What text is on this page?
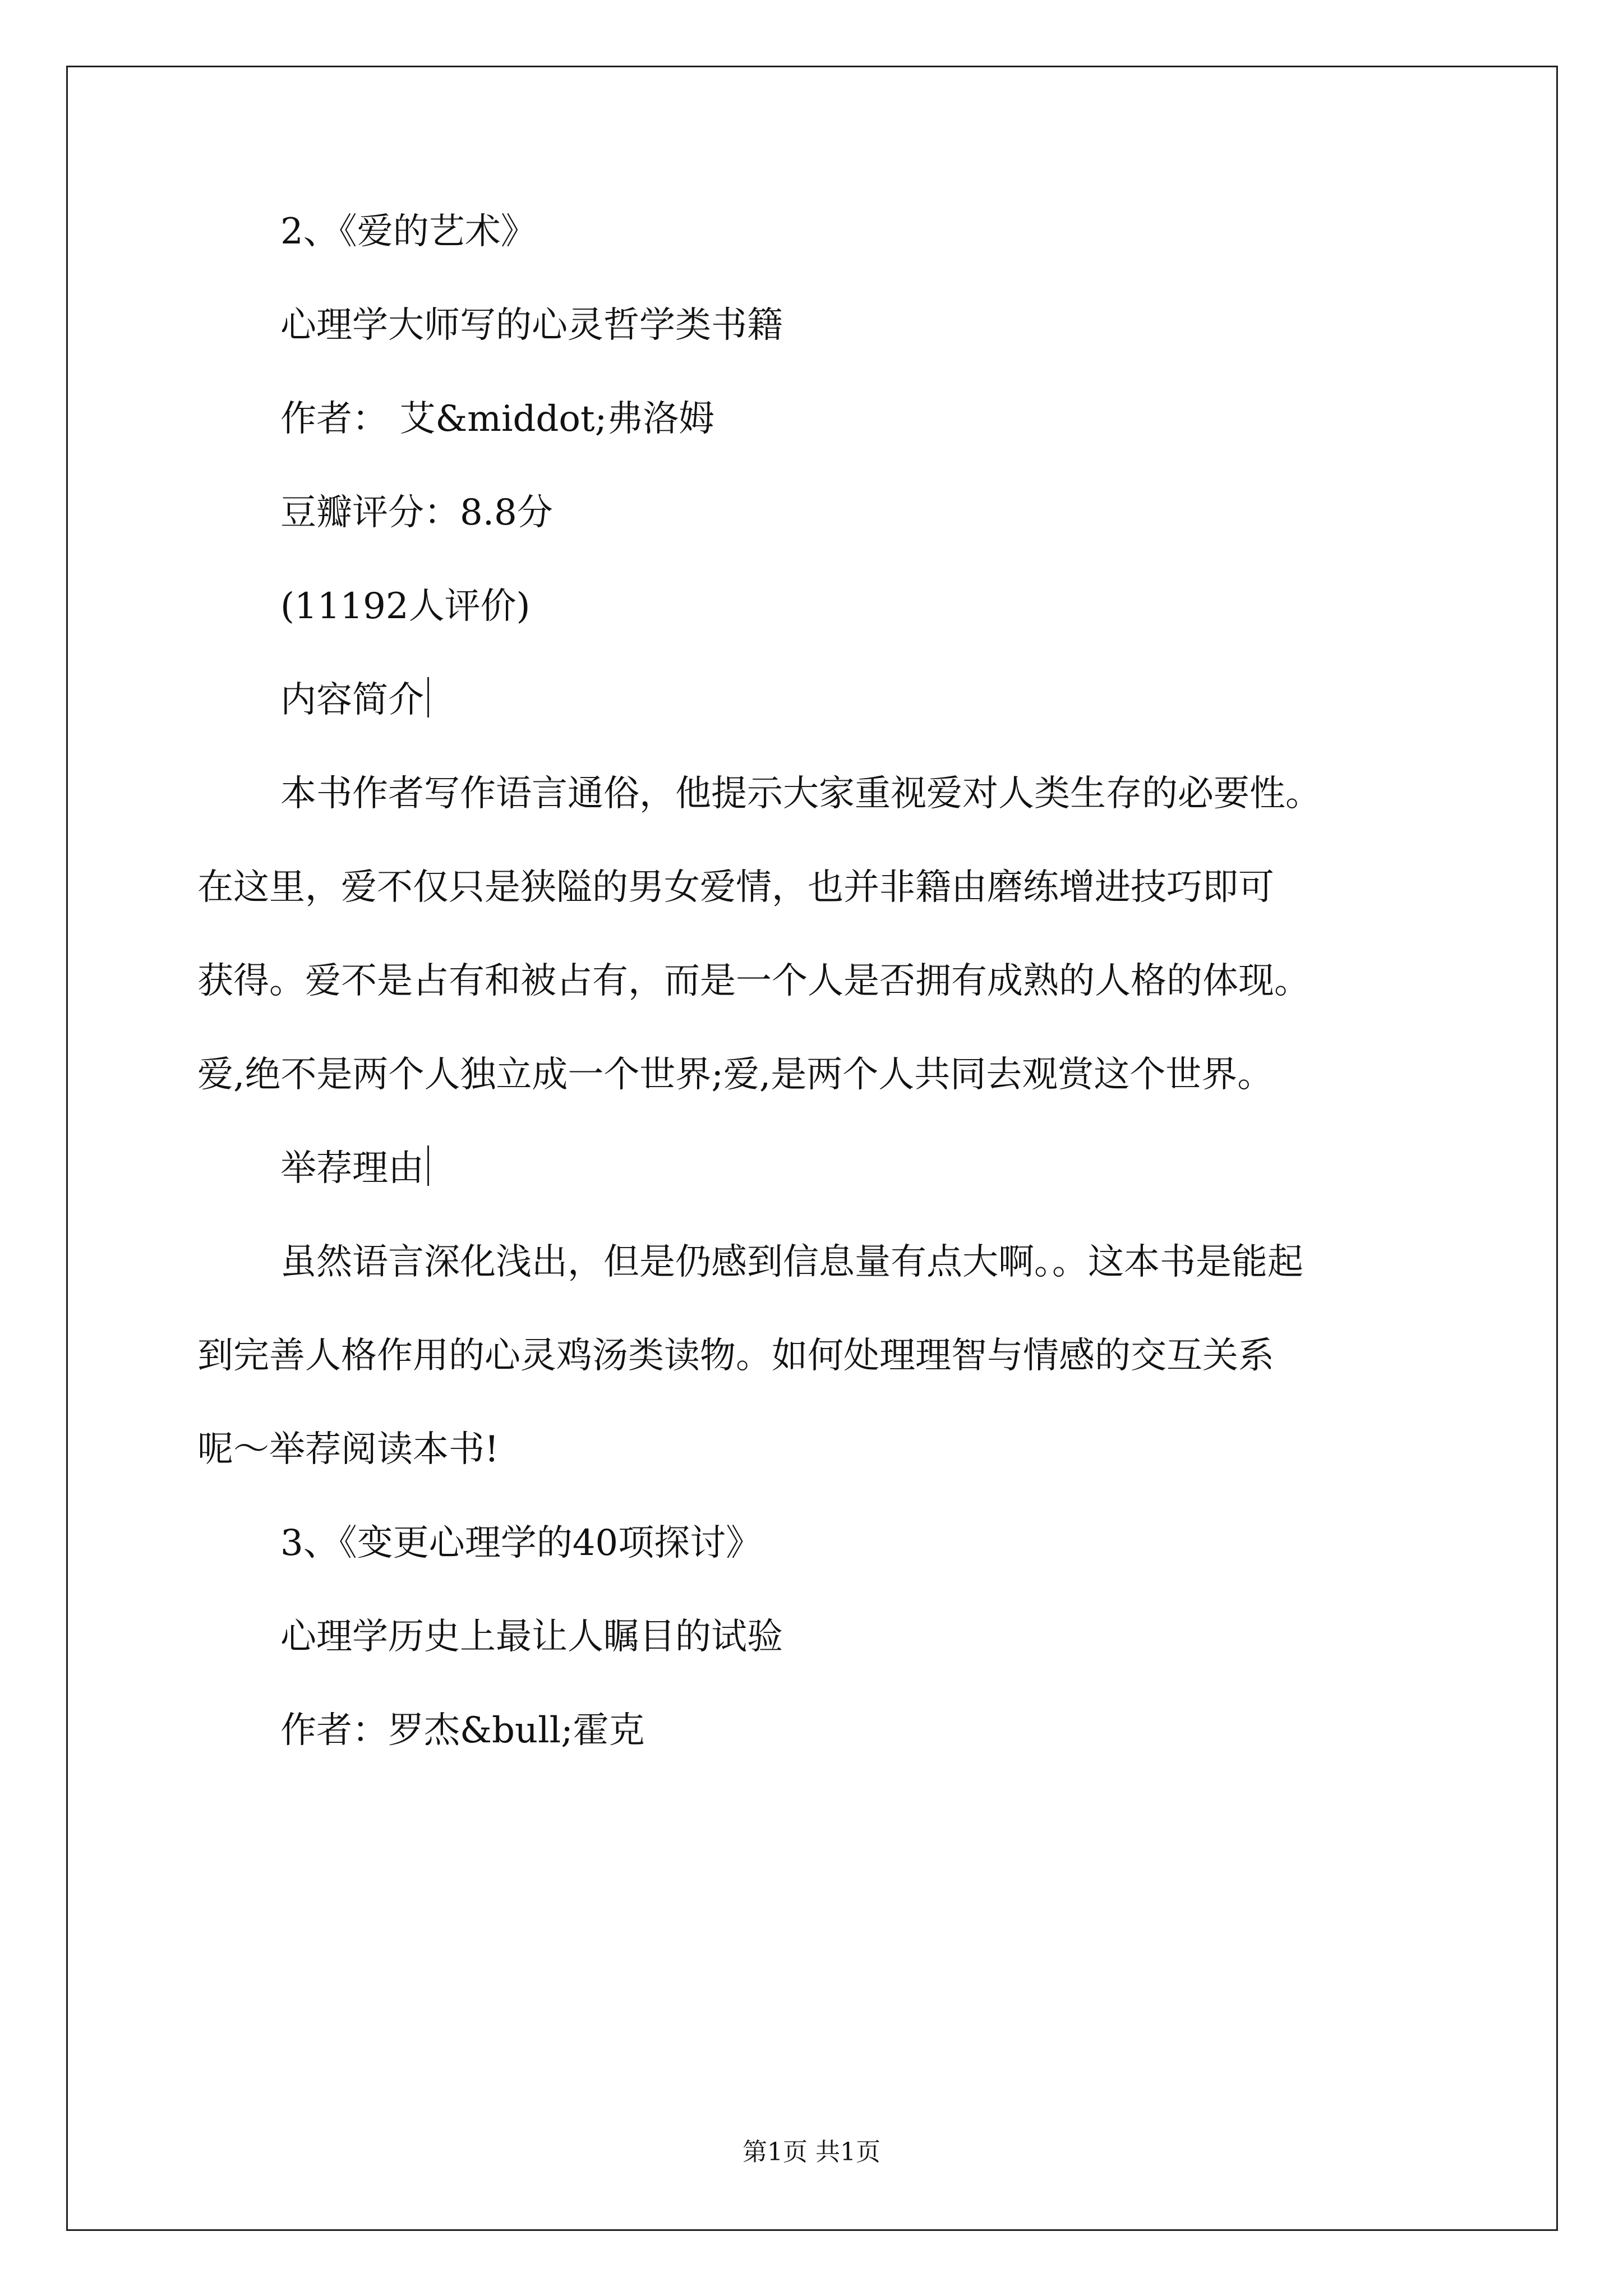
2、《爱的艺术》

心理学大师写的心灵哲学类书籍

作者： 艾&middot;弗洛姆

豆瓣评分：8.8分

(11192人评价)

内容简介

本书作者写作语言通俗，他提示大家重视爱对人类生存的必要性。

在这里，爱不仅只是狭隘的男女爱情，也并非籍由磨练增进技巧即可

获得。爱不是占有和被占有，而是一个人是否拥有成熟的人格的体现。

爱,绝不是两个人独立成一个世界;爱,是两个人共同去观赏这个世界。

举荐理由

虽然语言深化浅出，但是仍感到信息量有点大啊。。这本书是能起

到完善人格作用的心灵鸡汤类读物。如何处理理智与情感的交互关系

呢～举荐阅读本书!

3、《变更心理学的40项探讨》

心理学历史上最让人瞩目的试验

作者：罗杰&bull;霍克

第1页 共1页
